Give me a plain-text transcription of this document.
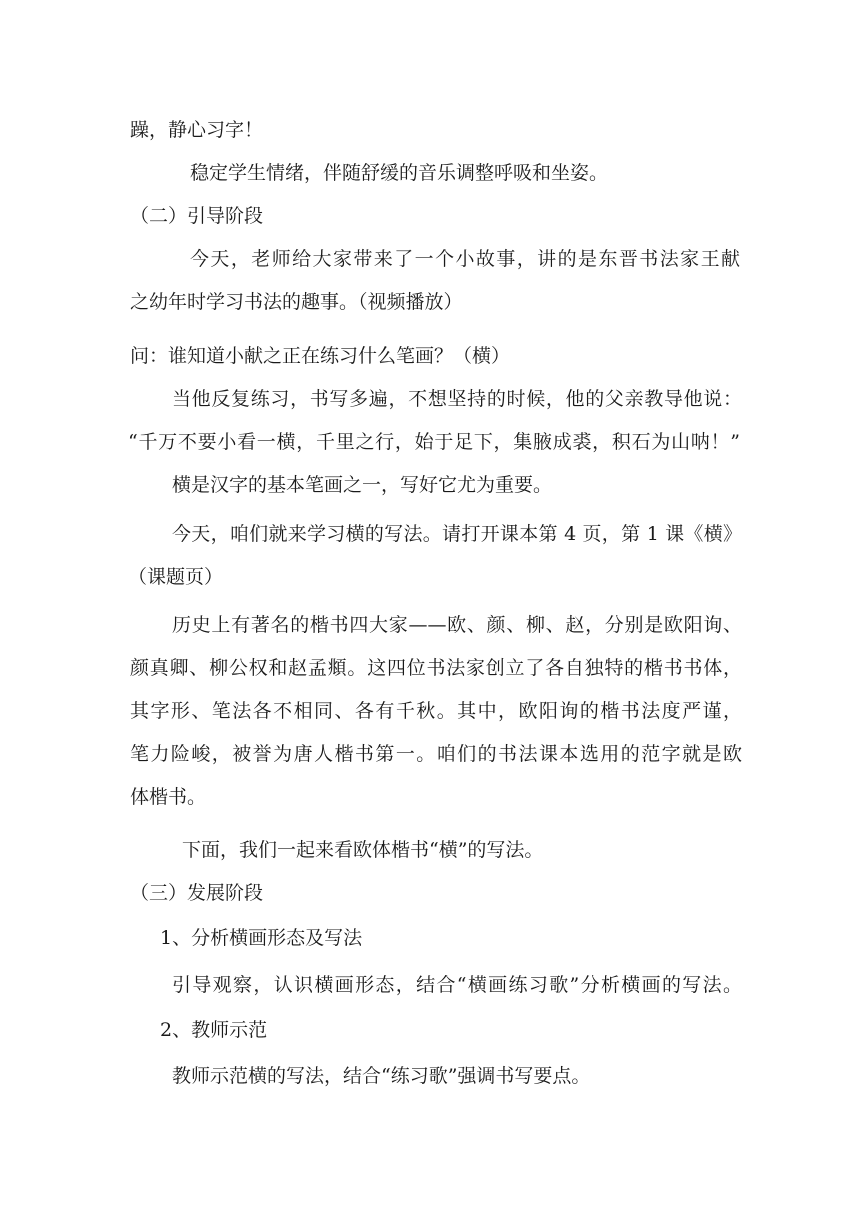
躁，静心习字！
稳定学生情绪，伴随舒缓的音乐调整呼吸和坐姿。
（二）引导阶段
今天，老师给大家带来了一个小故事，讲的是东晋书法家王献
之幼年时学习书法的趣事。（视频播放）
问：谁知道小献之正在练习什么笔画？（横）
当他反复练习，书写多遍，不想坚持的时候，他的父亲教导他说：
“千万不要小看一横，千里之行，始于足下，集腋成裘，积石为山呐！”
横是汉字的基本笔画之一，写好它尤为重要。
今天，咱们就来学习横的写法。请打开课本第 4 页，第 1 课《横》
（课题页）
历史上有著名的楷书四大家——欧、颜、柳、赵，分别是欧阳询、
颜真卿、柳公权和赵孟頫。这四位书法家创立了各自独特的楷书书体，
其字形、笔法各不相同、各有千秋。其中，欧阳询的楷书法度严谨，
笔力险峻，被誉为唐人楷书第一。咱们的书法课本选用的范字就是欧
体楷书。
下面，我们一起来看欧体楷书“横”的写法。
（三）发展阶段
1、分析横画形态及写法
引导观察，认识横画形态，结合“横画练习歌”分析横画的写法。
2、教师示范
教师示范横的写法，结合“练习歌”强调书写要点。
